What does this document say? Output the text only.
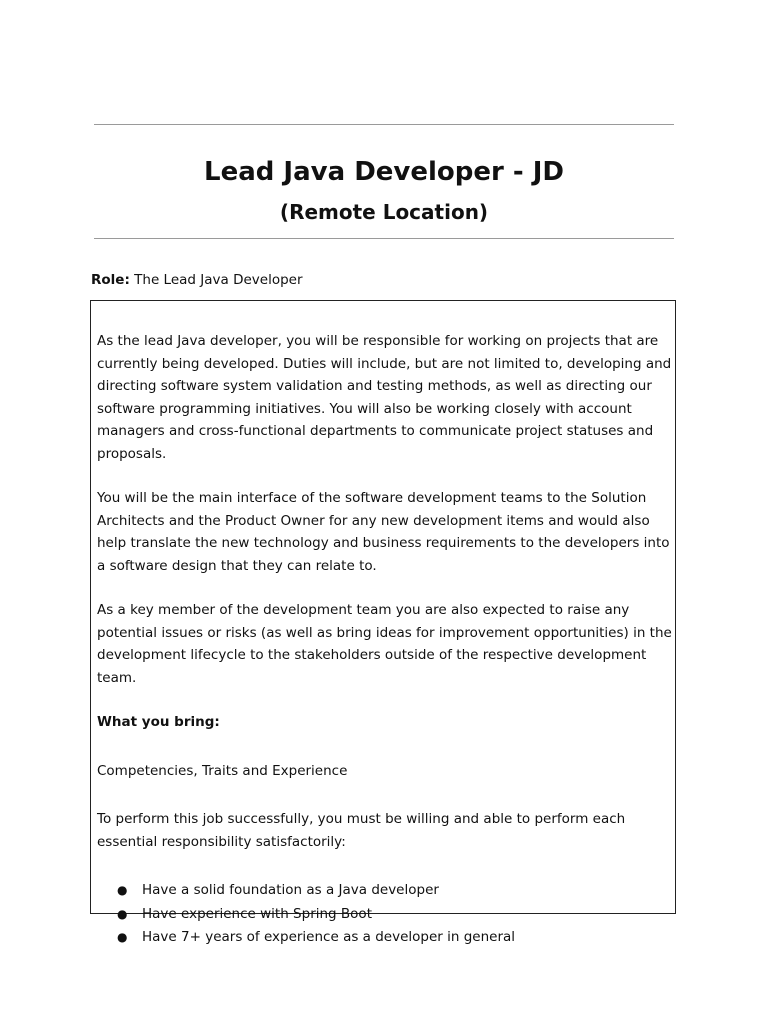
Lead Java Developer - JD
(Remote Location)
Role: The Lead Java Developer

As the lead Java developer, you will be responsible for working on projects that are currently being developed. Duties will include, but are not limited to, developing and directing software system validation and testing methods, as well as directing our software programming initiatives. You will also be working closely with account managers and cross-functional departments to communicate project statuses and proposals.

You will be the main interface of the software development teams to the Solution Architects and the Product Owner for any new development items and would also help translate the new technology and business requirements to the developers into a software design that they can relate to.

As a key member of the development team you are also expected to raise any potential issues or risks (as well as bring ideas for improvement opportunities) in the development lifecycle to the stakeholders outside of the respective development team.

What you bring:

Competencies, Traits and Experience

To perform this job successfully, you must be willing and able to perform each essential responsibility satisfactorily:

● Have a solid foundation as a Java developer
● Have experience with Spring Boot
● Have 7+ years of experience as a developer in general
